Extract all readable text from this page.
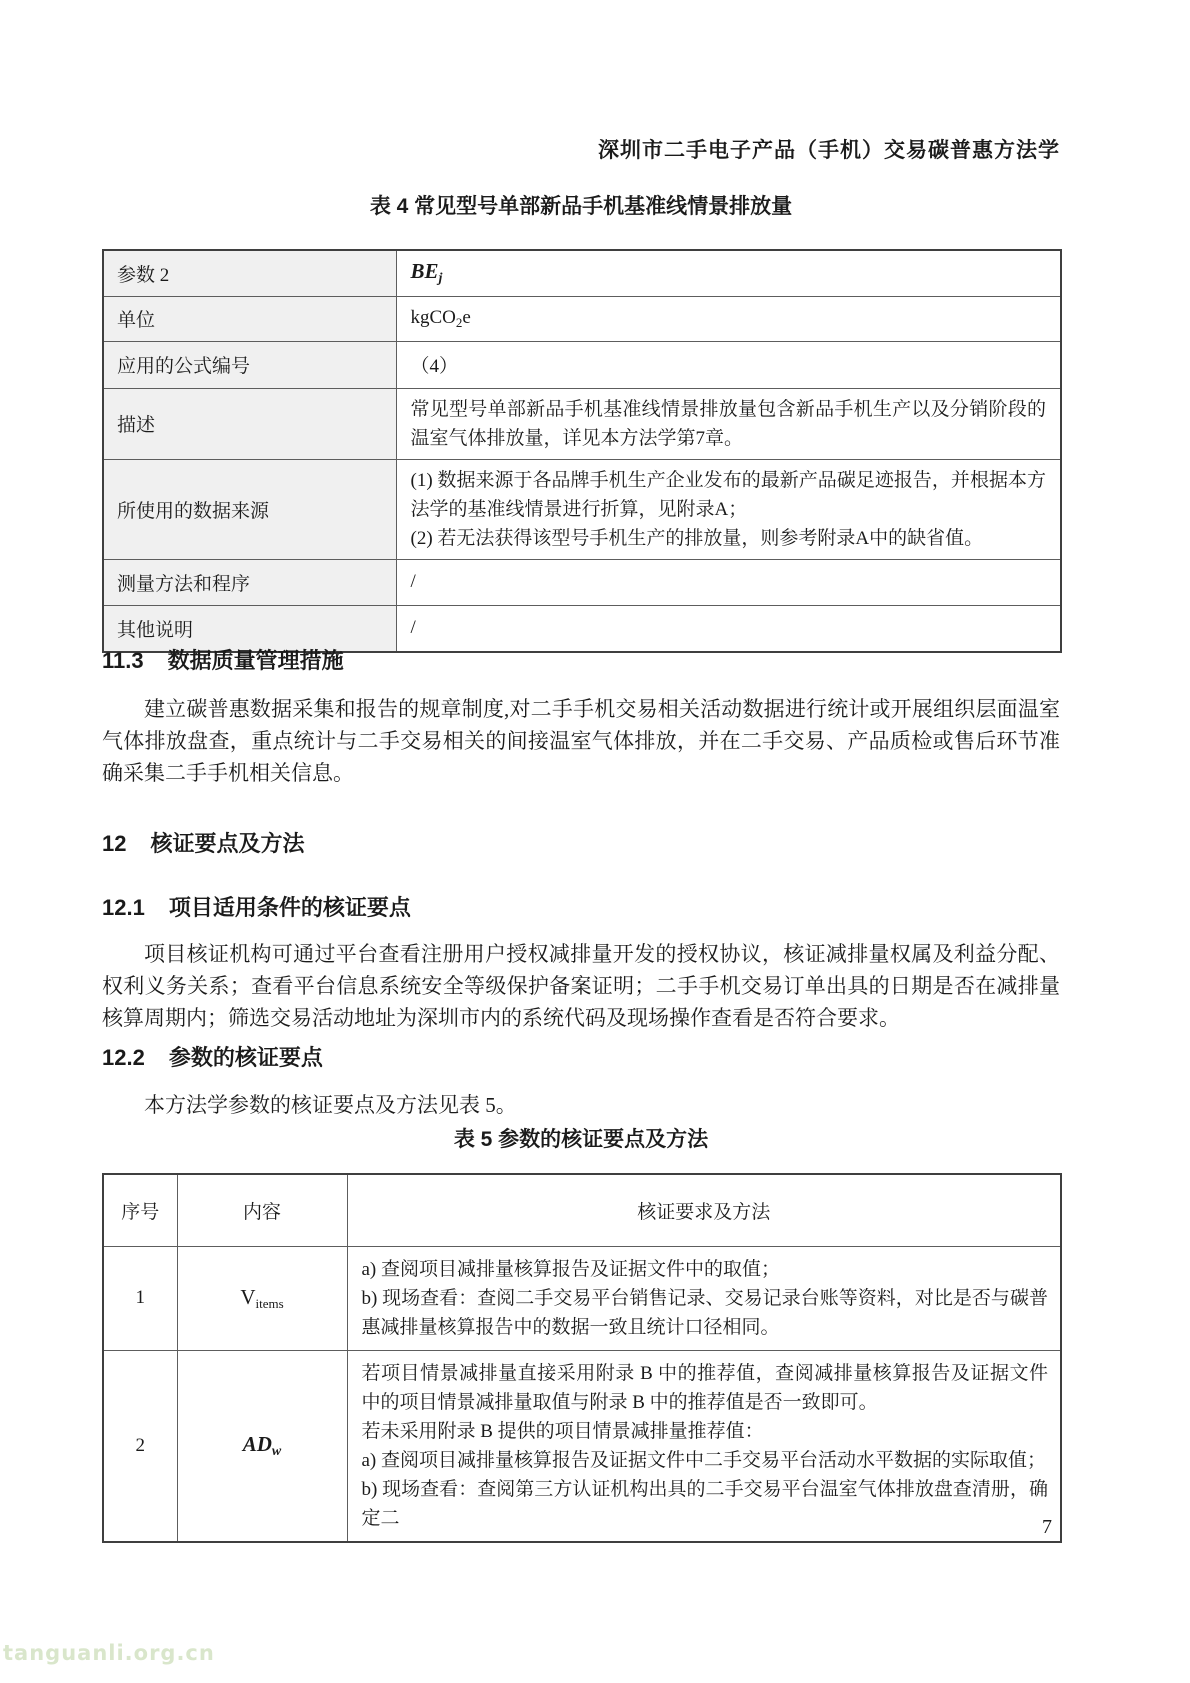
深圳市二手电子产品（手机）交易碳普惠方法学
表 4 常见型号单部新品手机基准线情景排放量
参数 2	$BE_j$
单位	kgCO$_2$e
应用的公式编号	（4）
描述	常见型号单部新品手机基准线情景排放量包含新品手机生产以及分销阶段的温室气体排放量，详见本方法学第7章。
所使用的数据来源	(1) 数据来源于各品牌手机生产企业发布的最新产品碳足迹报告，并根据本方法学的基准线情景进行折算，见附录A；
(2) 若无法获得该型号手机生产的排放量，则参考附录A中的缺省值。

测量方法和程序	/
其他说明	/
11.3 数据质量管理措施
建立碳普惠数据采集和报告的规章制度,对二手手机交易相关活动数据进行统计或开展组织层面温室气体排放盘查，重点统计与二手交易相关的间接温室气体排放，并在二手交易、产品质检或售后环节准确采集二手手机相关信息。
12 核证要点及方法
12.1 项目适用条件的核证要点
项目核证机构可通过平台查看注册用户授权减排量开发的授权协议，核证减排量权属及利益分配、权利义务关系；查看平台信息系统安全等级保护备案证明；二手手机交易订单出具的日期是否在减排量核算周期内；筛选交易活动地址为深圳市内的系统代码及现场操作查看是否符合要求。
12.2 参数的核证要点
本方法学参数的核证要点及方法见表 5。
表 5 参数的核证要点及方法
序号	内容	核证要求及方法
1	$V_{items}$	a) 查阅项目减排量核算报告及证据文件中的取值；
b) 现场查看：查阅二手交易平台销售记录、交易记录台账等资料，对比是否与碳普惠减排量核算报告中的数据一致且统计口径相同。

2	$AD_w$	若项目情景减排量直接采用附录 B 中的推荐值，查阅减排量核算报告及证据文件中的项目情景减排量取值与附录 B 中的推荐值是否一致即可。
若未采用附录 B 提供的项目情景减排量推荐值：
a) 查阅项目减排量核算报告及证据文件中二手交易平台活动水平数据的实际取值；
b) 现场查看：查阅第三方认证机构出具的二手交易平台温室气体排放盘查清册，确定二	7
tanguanli.org.cn
